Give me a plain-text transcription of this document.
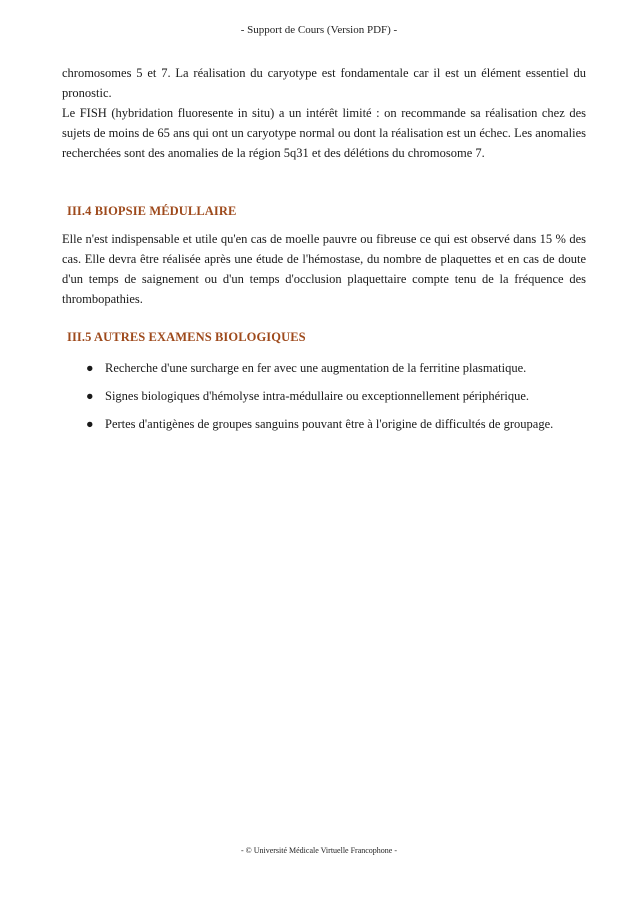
- Support de Cours (Version PDF) -

chromosomes 5 et 7. La réalisation du caryotype est fondamentale car il est un élément essentiel du pronostic.

Le FISH (hybridation fluoresente in situ) a un intérêt limité : on recommande sa réalisation chez des sujets de moins de 65 ans qui ont un caryotype normal ou dont la réalisation est un échec. Les anomalies recherchées sont des anomalies de la région 5q31 et des délétions du chromosome 7.

III.4 BIOPSIE MÉDULLAIRE

Elle n'est indispensable et utile qu'en cas de moelle pauvre ou fibreuse ce qui est observé dans 15 % des cas. Elle devra être réalisée après une étude de l'hémostase, du nombre de plaquettes et en cas de doute d'un temps de saignement ou d'un temps d'occlusion plaquettaire compte tenu de la fréquence des thrombopathies.

III.5 AUTRES EXAMENS BIOLOGIQUES
● Recherche d'une surcharge en fer avec une augmentation de la ferritine plasmatique.
● Signes biologiques d'hémolyse intra-médullaire ou exceptionnellement périphérique.
● Pertes d'antigènes de groupes sanguins pouvant être à l'origine de difficultés de groupage.
- © Université Médicale Virtuelle Francophone -
